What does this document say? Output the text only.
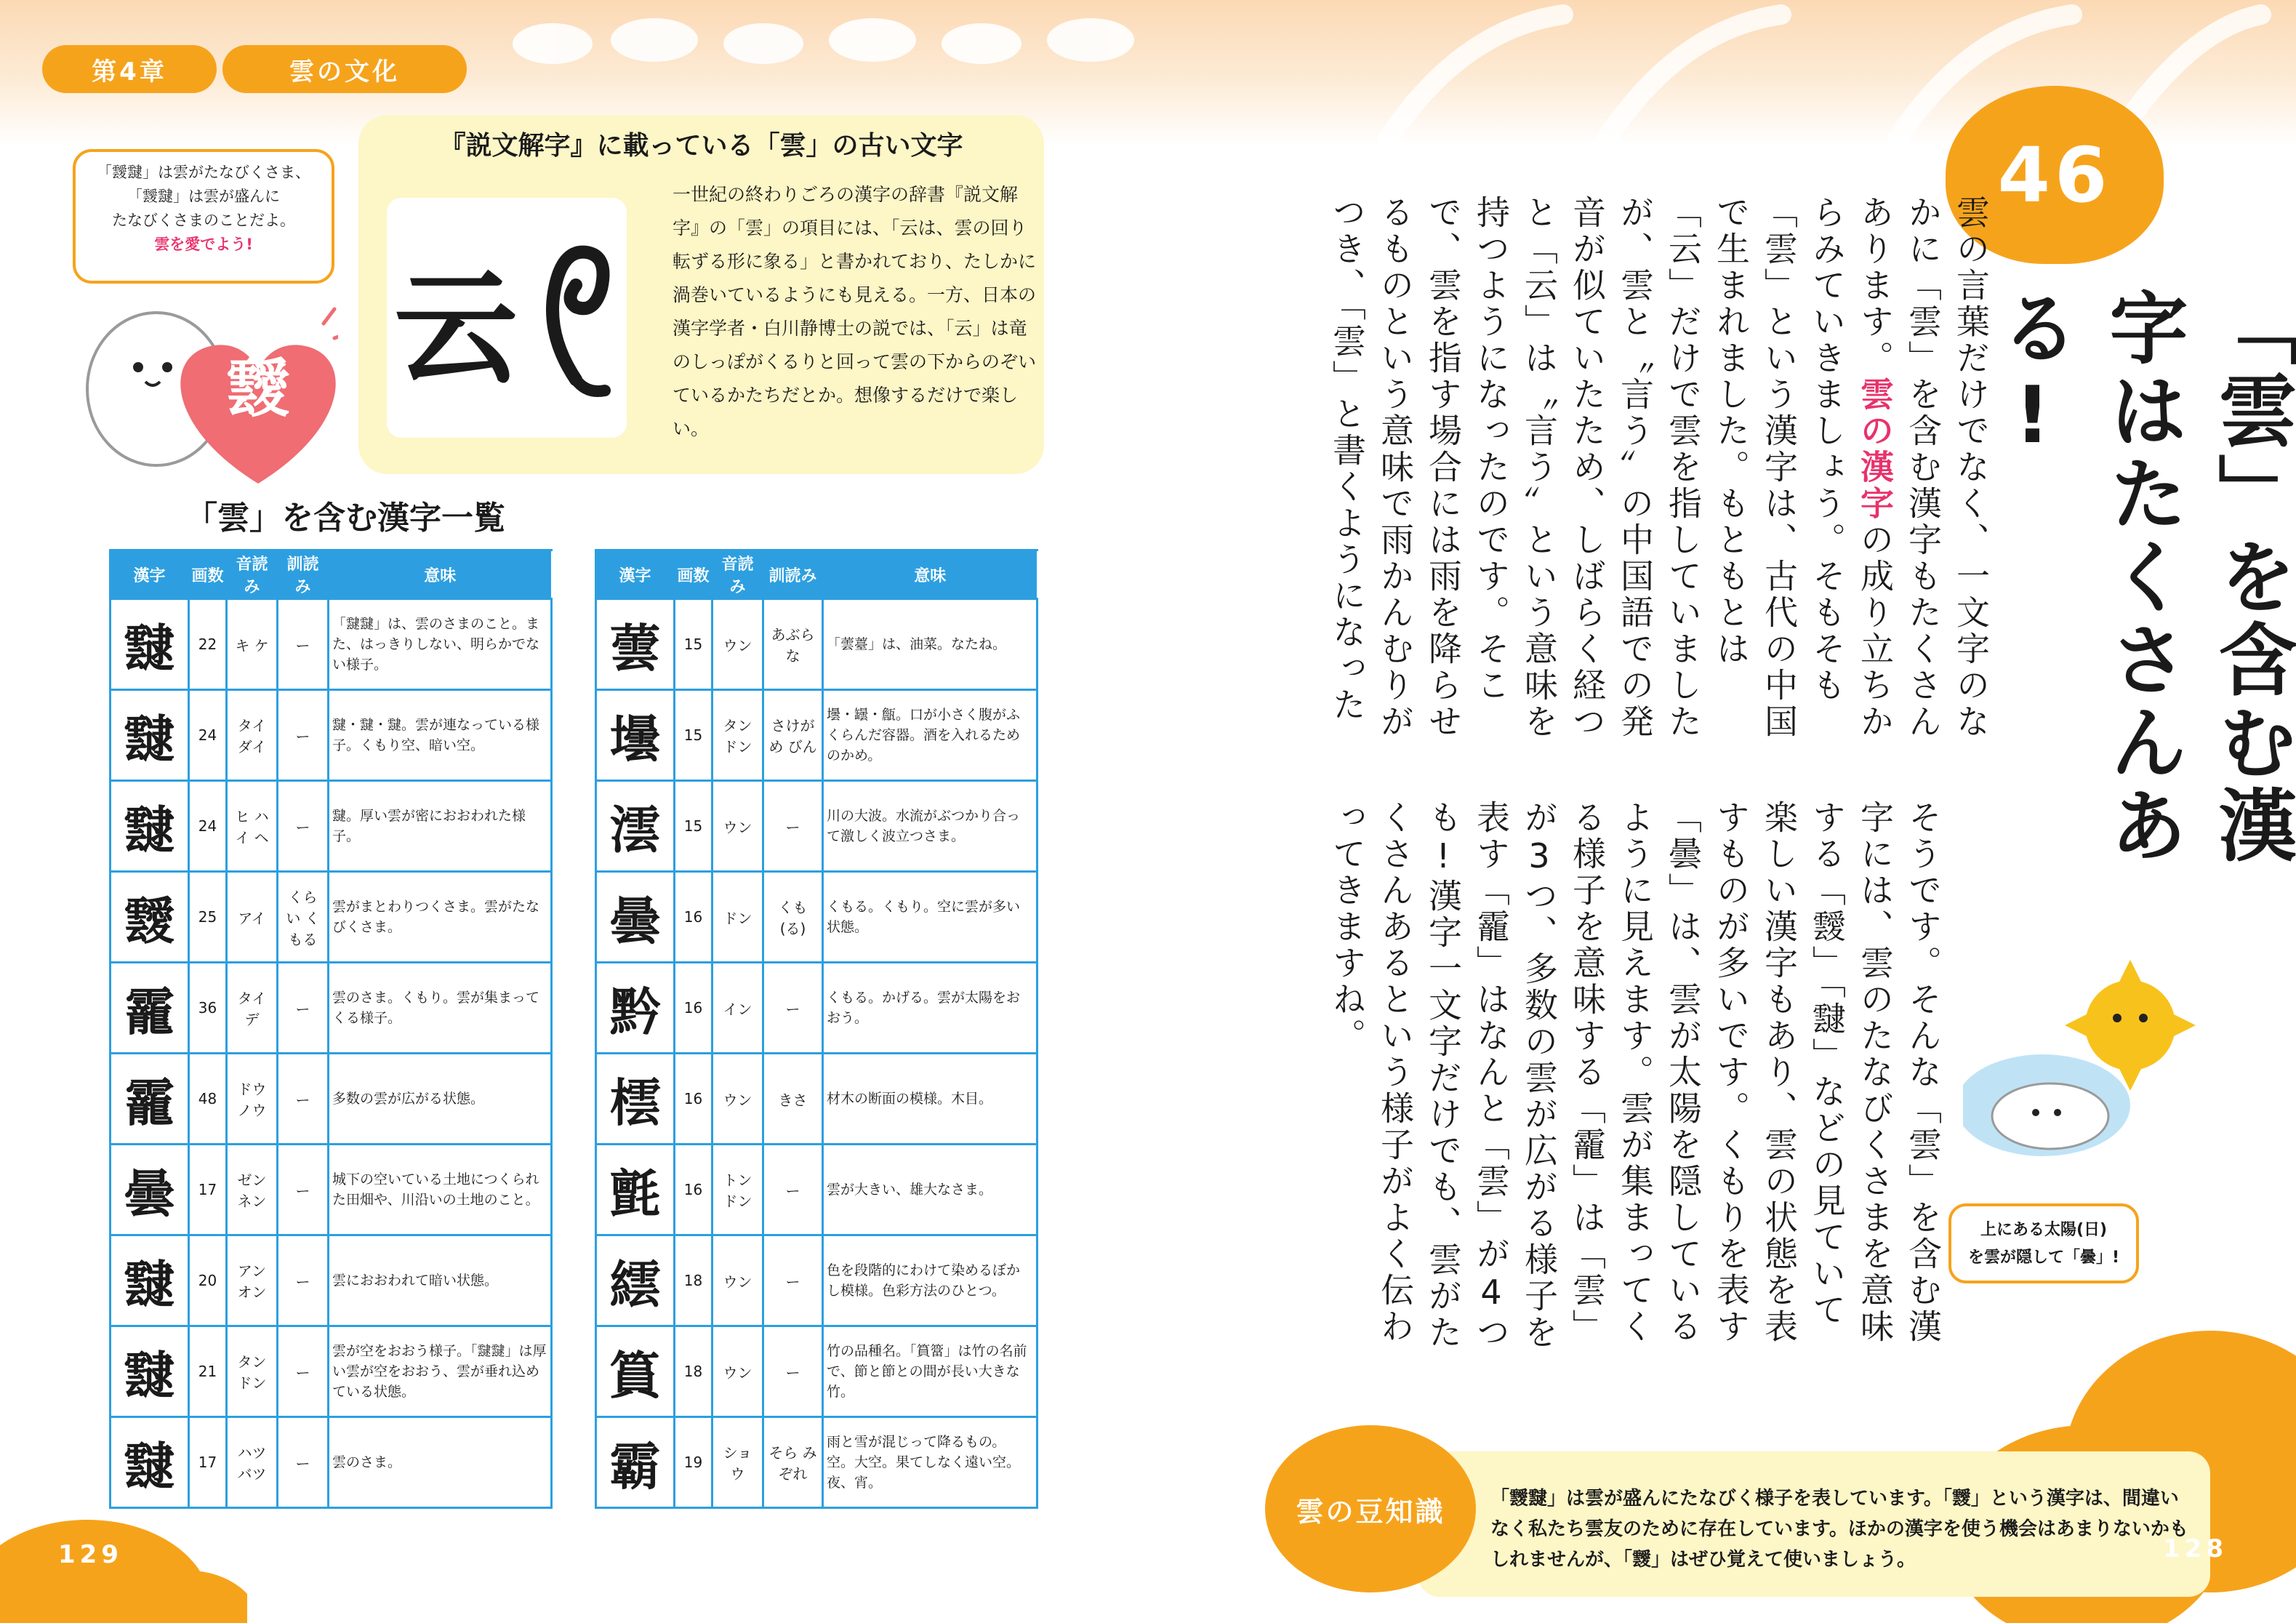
第4章	雲の文化
「靉靆」は雲がたなびくさま、
「靉靆」は雲が盛んに
たなびくさまのことだよ。
雲を愛でよう!
靉
『説文解字』に載っている「雲」の古い文字
云
一世紀の終わりごろの漢字の辞書『説文解字』の「雲」の項目には、「云は、雲の回り転ずる形に象る」と書かれており、たしかに渦巻いているようにも見える。一方、日本の漢字学者・白川静博士の説では、「云」は竜のしっぽがくるりと回って雲の下からのぞいているかたちだとか。想像するだけで楽しい。
「雲」を含む漢字一覧
漢字	画数	音読み	訓読み	意味
靆	22	キ ケ	ー	「靆靆」は、雲のさまのこと。また、はっきりしない、明らかでない様子。
靆	24	タイ ダイ	ー	靆・靆・靆。雲が連なっている様子。くもり空、暗い空。
靆	24	ヒ ハイ ヘ	ー	靆。厚い雲が密におおわれた様子。
靉	25	アイ	くらい くもる	雲がまとわりつくさま。雲がたなびくさま。
靇	36	タイ デ	ー	雲のさま。くもり。雲が集まってくる様子。
靇	48	ドウ ノウ	ー	多数の雲が広がる状態。
曇	17	ゼン ネン	ー	城下の空いている土地につくられた田畑や、川沿いの土地のこと。
靆	20	アン オン	ー	雲におおわれて暗い状態。
靆	21	タン ドン	ー	雲が空をおおう様子。「靆靆」は厚い雲が空をおおう、雲が垂れ込めている状態。
靆	17	ハツ バツ	ー	雲のさま。
漢字	画数	音読み	訓読み	意味
蕓	15	ウン	あぶらな	「蕓薹」は、油菜。なたね。
壜	15	タン ドン	さけがめ びん	壜・罎・甔。口が小さく腹がふくらんだ容器。酒を入れるためのかめ。
澐	15	ウン	ー	川の大波。水流がぶつかり合って激しく波立つさま。
曇	16	ドン	くも(る)	くもる。くもり。空に雲が多い状態。
黔	16	イン	ー	くもる。かげる。雲が太陽をおおう。
橒	16	ウン	きさ	材木の断面の模様。木目。
氈	16	トン ドン	ー	雲が大きい、雄大なさま。
繧	18	ウン	ー	色を段階的にわけて染めるぼかし模様。色彩方法のひとつ。
篔	18	ウン	ー	竹の品種名。「篔簹」は竹の名前で、節と節との間が長い大きな竹。
霸	19	ショウ	そら みぞれ	雨と雪が混じって降るもの。空。大空。果てしなく遠い空。夜、宵。
129
46
「雲」を含む漢字はたくさんある!
雲の言葉だけでなく、一文字のなかに「雲」を含む漢字もたくさんあります。雲の漢字の成り立ちからみていきましょう。そもそも「雲」という漢字は、古代の中国で生まれました。もともとは「云」だけで雲を指していましたが、雲と〝言う〟の中国語での発音が似ていたため、しばらく経つと「云」は〝言う〟という意味を持つようになったのです。そこで、雲を指す場合には雨を降らせるものという意味で雨かんむりがつき、「雲」と書くようになった
そうです。そんな「雲」を含む漢字には、雲のたなびくさまを意味する「靉」「靆」などの見ていて楽しい漢字もあり、雲の状態を表すものが多いです。くもりを表す「曇」は、雲が太陽を隠しているように見えます。雲が集まってくる様子を意味する「靇」は「雲」が3つ、多数の雲が広がる様子を表す「靇」はなんと「雲」が4つも!漢字一文字だけでも、雲がたくさんあるという様子がよく伝わってきますね。
上にある太陽(日)
を雲が隠して「曇」!
雲の豆知識	「靉靆」は雲が盛んにたなびく様子を表しています。「靉」という漢字は、間違いなく私たち雲友のために存在しています。ほかの漢字を使う機会はあまりないかもしれませんが、「靉」はぜひ覚えて使いましょう。	128
